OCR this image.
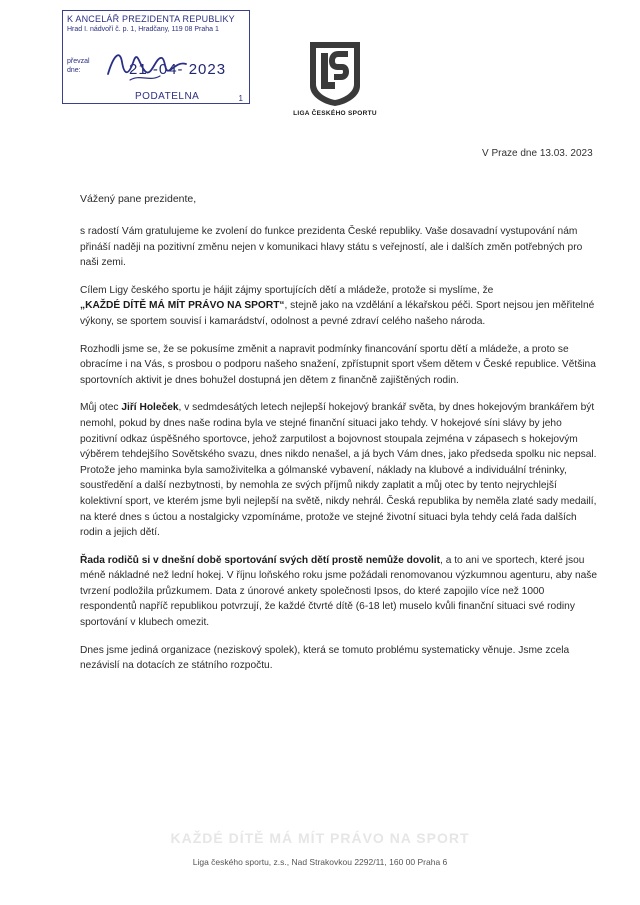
K ANCELÁŘ PREZIDENTA REPUBLIKY
Hrad I. nádvoří č. p. 1, Hradčany, 119 08 Praha 1
převzal dne:	21 -04- 2023
PODATELNA	1
LIGA ČESKÉHO SPORTU
V Praze dne 13.03. 2023
Vážený pane prezidente,

s radostí Vám gratulujeme ke zvolení do funkce prezidenta České republiky. Vaše dosavadní vystupování nám přináší naději na pozitivní změnu nejen v komunikaci hlavy státu s veřejností, ale i dalších změn potřebných pro naši zemi.

Cílem Ligy českého sportu je hájit zájmy sportujících dětí a mládeže, protože si myslíme, že
„KAŽDÉ DÍTĚ MÁ MÍT PRÁVO NA SPORT“, stejně jako na vzdělání a lékařskou péči. Sport nejsou jen měřitelné výkony, se sportem souvisí i kamarádství, odolnost a pevné zdraví celého našeho národa.

Rozhodli jsme se, že se pokusíme změnit a napravit podmínky financování sportu dětí a mládeže, a proto se obracíme i na Vás, s prosbou o podporu našeho snažení, zpřístupnit sport všem dětem v České republice. Většina sportovních aktivit je dnes bohužel dostupná jen dětem z finančně zajištěných rodin.

Můj otec Jiří Holeček, v sedmdesátých letech nejlepší hokejový brankář světa, by dnes hokejovým brankářem být nemohl, pokud by dnes naše rodina byla ve stejné finanční situaci jako tehdy. V hokejové síni slávy by jeho pozitivní odkaz úspěšného sportovce, jehož zarputilost a bojovnost stoupala zejména v zápasech s hokejovým výběrem tehdejšího Sovětského svazu, dnes nikdo nenašel, a já bych Vám dnes, jako předseda spolku nic nepsal. Protože jeho maminka byla samoživitelka a gólmanské vybavení, náklady na klubové a individuální tréninky, soustředění a další nezbytnosti, by nemohla ze svých příjmů nikdy zaplatit a můj otec by tento nejrychlejší kolektivní sport, ve kterém jsme byli nejlepší na světě, nikdy nehrál. Česká republika by neměla zlaté sady medailí, na které dnes s úctou a nostalgicky vzpomínáme, protože ve stejné životní situaci byla tehdy celá řada dalších rodin a jejich dětí.

Řada rodičů si v dnešní době sportování svých dětí prostě nemůže dovolit, a to ani ve sportech, které jsou méně nákladné než lední hokej. V říjnu loňského roku jsme požádali renomovanou výzkumnou agenturu, aby naše tvrzení podložila průzkumem. Data z únorové ankety společnosti Ipsos, do které zapojilo více než 1000 respondentů napříč republikou potvrzují, že každé čtvrté dítě (6-18 let) muselo kvůli finanční situaci své rodiny sportování v klubech omezit.

Dnes jsme jediná organizace (neziskový spolek), která se tomuto problému systematicky věnuje. Jsme zcela nezávislí na dotacích ze státního rozpočtu.

KAŽDÉ DÍTĚ MÁ MÍT PRÁVO NA SPORT
Liga českého sportu, z.s., Nad Strakovkou 2292/11, 160 00 Praha 6
